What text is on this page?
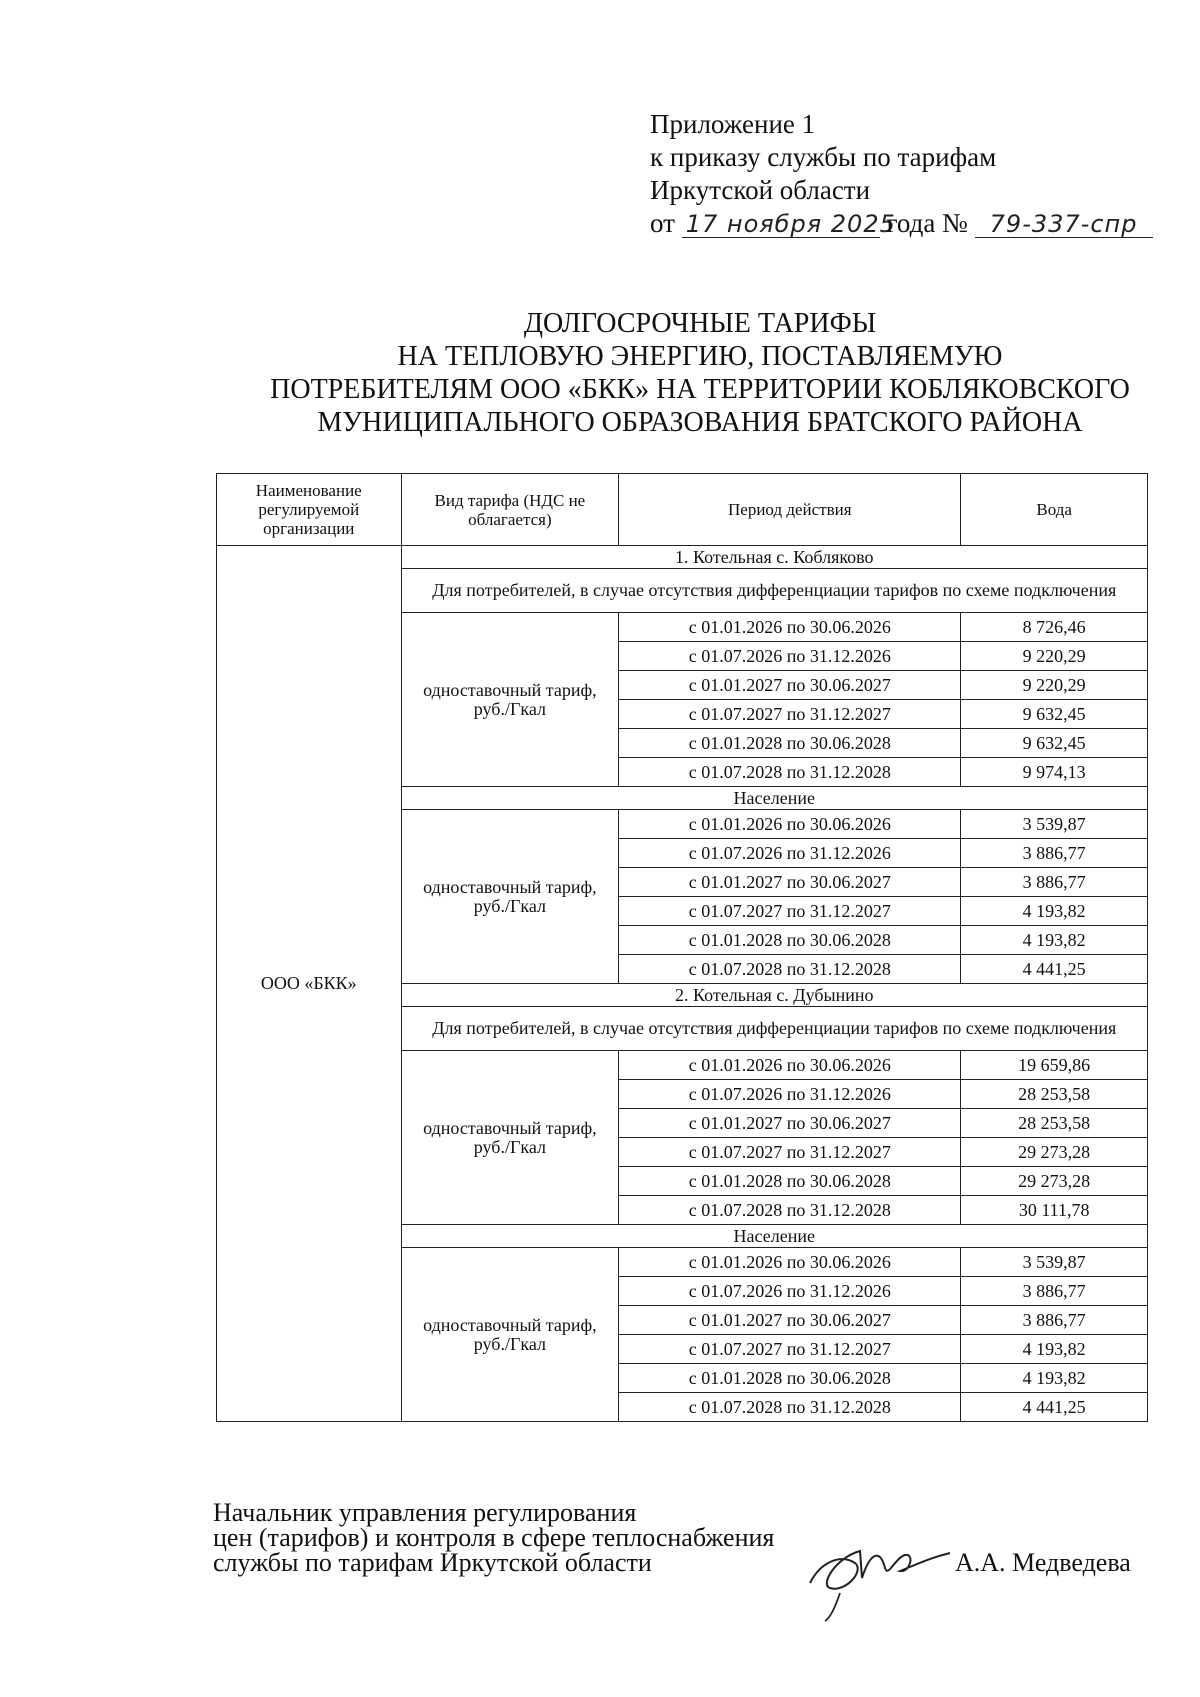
Приложение 1
к приказу службы по тарифам
Иркутской области
от 17 ноября 2025 года № 79-337-спр
ДОЛГОСРОЧНЫЕ ТАРИФЫ
НА ТЕПЛОВУЮ ЭНЕРГИЮ, ПОСТАВЛЯЕМУЮ
ПОТРЕБИТЕЛЯМ ООО «БКК» НА ТЕРРИТОРИИ КОБЛЯКОВСКОГО
МУНИЦИПАЛЬНОГО ОБРАЗОВАНИЯ БРАТСКОГО РАЙОНА
Наименование регулируемой организации	Вид тарифа (НДС не облагается)	Период действия	Вода
ООО «БКК»	1. Котельная с. Кобляково		
	Для потребителей, в случае отсутствия дифференциации тарифов по схеме подключения		
	одноставочный тариф, руб./Гкал	с 01.01.2026 по 30.06.2026	8 726,46
		с 01.07.2026 по 31.12.2026	9 220,29
		с 01.01.2027 по 30.06.2027	9 220,29
		с 01.07.2027 по 31.12.2027	9 632,45
		с 01.01.2028 по 30.06.2028	9 632,45
		с 01.07.2028 по 31.12.2028	9 974,13
	Население		
	одноставочный тариф, руб./Гкал	с 01.01.2026 по 30.06.2026	3 539,87
		с 01.07.2026 по 31.12.2026	3 886,77
		с 01.01.2027 по 30.06.2027	3 886,77
		с 01.07.2027 по 31.12.2027	4 193,82
		с 01.01.2028 по 30.06.2028	4 193,82
		с 01.07.2028 по 31.12.2028	4 441,25
	2. Котельная с. Дубынино		
	Для потребителей, в случае отсутствия дифференциации тарифов по схеме подключения		
	одноставочный тариф, руб./Гкал	с 01.01.2026 по 30.06.2026	19 659,86
		с 01.07.2026 по 31.12.2026	28 253,58
		с 01.01.2027 по 30.06.2027	28 253,58
		с 01.07.2027 по 31.12.2027	29 273,28
		с 01.01.2028 по 30.06.2028	29 273,28
		с 01.07.2028 по 31.12.2028	30 111,78
	Население		
	одноставочный тариф, руб./Гкал	с 01.01.2026 по 30.06.2026	3 539,87
		с 01.07.2026 по 31.12.2026	3 886,77
		с 01.01.2027 по 30.06.2027	3 886,77
		с 01.07.2027 по 31.12.2027	4 193,82
		с 01.01.2028 по 30.06.2028	4 193,82
		с 01.07.2028 по 31.12.2028	4 441,25
Начальник управления регулирования
цен (тарифов) и контроля в сфере теплоснабжения
службы по тарифам Иркутской области	А.А. Медведева
